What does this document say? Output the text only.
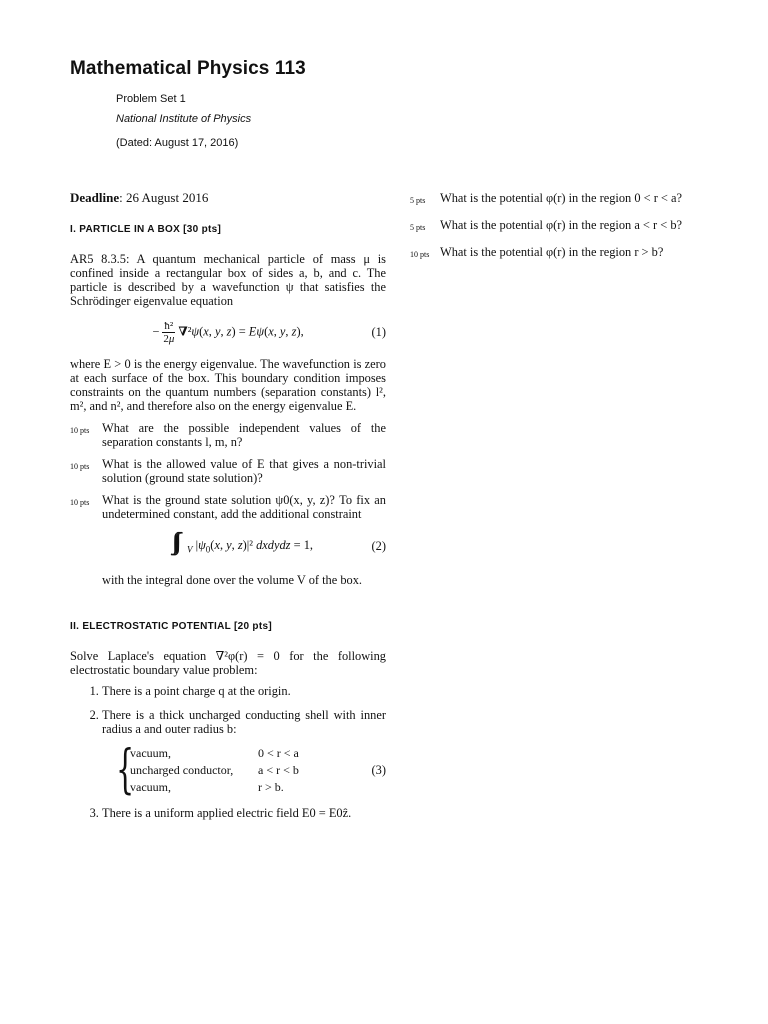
Mathematical Physics 113
Problem Set 1
National Institute of Physics
(Dated: August 17, 2016)
Deadline: 26 August 2016
I. PARTICLE IN A BOX [30 pts]

AR5 8.3.5: A quantum mechanical particle of mass μ is confined inside a rectangular box of sides a, b, and c. The particle is described by a wavefunction ψ that satisfies the Schrödinger eigenvalue equation

− $\frac{\text{ħ²}}{2\mu} \nabla^2\psi(x$, y, z) = Eψ(x, y, z),	(1)

where E > 0 is the energy eigenvalue. The wavefunction is zero at each surface of the box. This boundary condition imposes constraints on the quantum numbers (separation constants) l², m², and n², and therefore also on the energy eigenvalue E.

10 pts	What are the possible independent values of the separation constants l, m, n?
10 pts	What is the allowed value of E that gives a non-trivial solution (ground state solution)?
10 pts	What is the ground state solution ψ0(x, y, z)? To fix an undetermined constant, add the additional constraint
$_V$ $|\psi_0(x$, y, z)|² dxdydz = 1,	(2)

with the integral done over the volume V of the box.

II. ELECTROSTATIC POTENTIAL [20 pts]

Solve Laplace's equation ∇²φ(r) = 0 for the following electrostatic boundary value problem:

1. There is a point charge q at the origin.
2. There is a thick uncharged conducting shell with inner radius a and outer radius b:
{
vacuum,	0 < r < a
uncharged conductor,	a < r < b
vacuum,	r > b.
(3)
3. There is a uniform applied electric field E0 = E0ẑ.
5 pts	What is the potential φ(r) in the region 0 < r < a?
5 pts	What is the potential φ(r) in the region a < r < b?
10 pts What is the potential φ(r) in the region r > b?
